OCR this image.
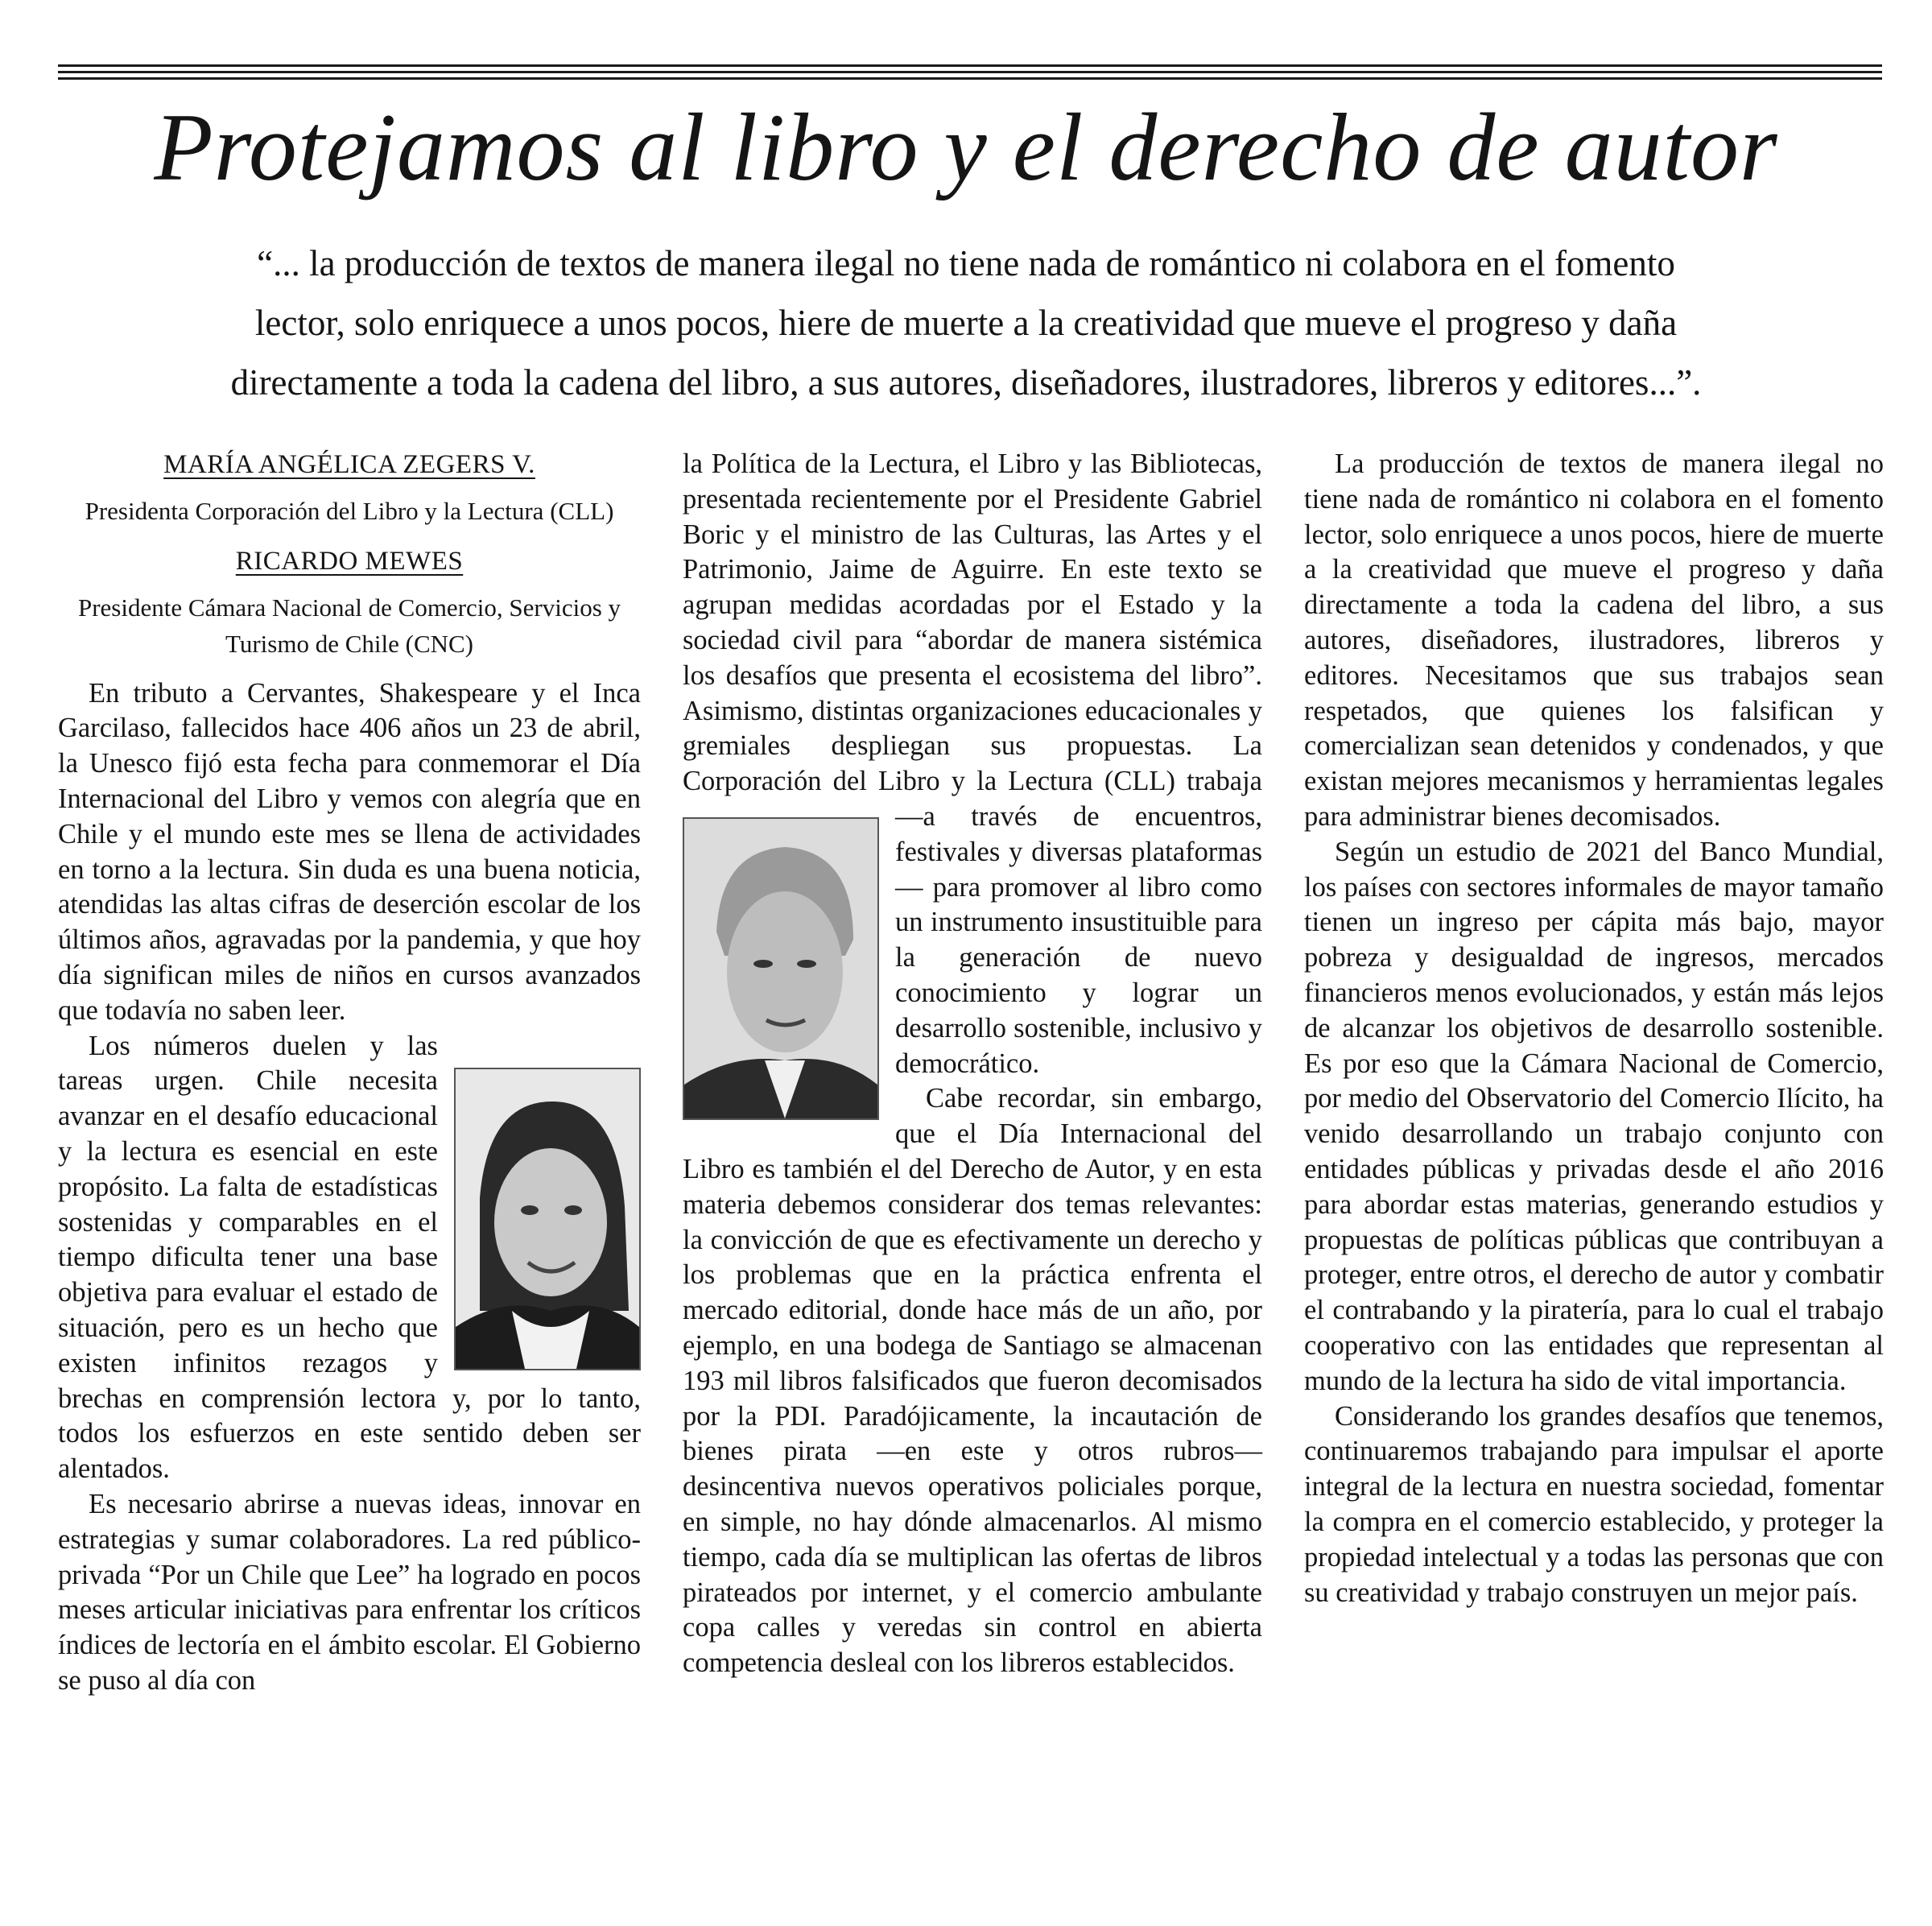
Protejamos al libro y el derecho de autor

“... la producción de textos de manera ilegal no tiene nada de romántico ni colabora en el fomento

lector, solo enriquece a unos pocos, hiere de muerte a la creatividad que mueve el progreso y daña

directamente a toda la cadena del libro, a sus autores, diseñadores, ilustradores, libreros y editores...”.

MARÍA ANGÉLICA ZEGERS V.

Presidenta Corporación del Libro y la Lectura (CLL)

RICARDO MEWES

Presidente Cámara Nacional de Comercio, Servicios y Turismo de Chile (CNC)

En tributo a Cervantes, Shakespeare y el Inca Garcilaso, fallecidos hace 406 años un 23 de abril, la Unesco fijó esta fecha para conmemorar el Día Internacional del Libro y vemos con alegría que en Chile y el mundo este mes se llena de actividades en torno a la lectura. Sin duda es una buena noticia, atendidas las altas cifras de deserción escolar de los últimos años, agravadas por la pandemia, y que hoy día significan miles de niños en cursos avanzados que todavía no saben leer.

Los números duelen y las tareas urgen. Chile necesita avanzar en el desafío educacional y la lectura es esencial en este propósito. La falta de estadísticas sostenidas y comparables en el tiempo dificulta tener una base objetiva para evaluar el estado de situación, pero es un hecho que existen infinitos rezagos y brechas en comprensión lectora y, por lo tanto, todos los esfuerzos en este sentido deben ser alentados.

Es necesario abrirse a nuevas ideas, innovar en estrategias y sumar colaboradores. La red público-privada “Por un Chile que Lee” ha logrado en pocos meses articular iniciativas para enfrentar los críticos índices de lectoría en el ámbito escolar. El Gobierno se puso al día con

la Política de la Lectura, el Libro y las Bibliotecas, presentada recientemente por el Presidente Gabriel Boric y el ministro de las Culturas, las Artes y el Patrimonio, Jaime de Aguirre. En este texto se agrupan medidas acordadas por el Estado y la sociedad civil para “abordar de manera sistémica los desafíos que presenta el ecosistema del libro”. Asimismo, distintas organizaciones educacionales y gremiales despliegan sus propuestas. La Corporación del Libro y la Lectura (CLL) trabaja —a través de encuentros, festivales y diversas plataformas— para promover al libro como un instrumento insustituible para la generación de nuevo conocimiento y lograr un desarrollo sostenible, inclusivo y democrático.

Cabe recordar, sin embargo, que el Día Internacional del Libro es también el del Derecho de Autor, y en esta materia debemos considerar dos temas relevantes: la convicción de que es efectivamente un derecho y los problemas que en la práctica enfrenta el mercado editorial, donde hace más de un año, por ejemplo, en una bodega de Santiago se almacenan 193 mil libros falsificados que fueron decomisados por la PDI. Paradójicamente, la incautación de bienes pirata —en este y otros rubros— desincentiva nuevos operativos policiales porque, en simple, no hay dónde almacenarlos. Al mismo tiempo, cada día se multiplican las ofertas de libros pirateados por internet, y el comercio ambulante copa calles y veredas sin control en abierta competencia desleal con los libreros establecidos.

La producción de textos de manera ilegal no tiene nada de romántico ni colabora en el fomento lector, solo enriquece a unos pocos, hiere de muerte a la creatividad que mueve el progreso y daña directamente a toda la cadena del libro, a sus autores, diseñadores, ilustradores, libreros y editores. Necesitamos que sus trabajos sean respetados, que quienes los falsifican y comercializan sean detenidos y condenados, y que existan mejores mecanismos y herramientas legales para administrar bienes decomisados.

Según un estudio de 2021 del Banco Mundial, los países con sectores informales de mayor tamaño tienen un ingreso per cápita más bajo, mayor pobreza y desigualdad de ingresos, mercados financieros menos evolucionados, y están más lejos de alcanzar los objetivos de desarrollo sostenible. Es por eso que la Cámara Nacional de Comercio, por medio del Observatorio del Comercio Ilícito, ha venido desarrollando un trabajo conjunto con entidades públicas y privadas desde el año 2016 para abordar estas materias, generando estudios y propuestas de políticas públicas que contribuyan a proteger, entre otros, el derecho de autor y combatir el contrabando y la piratería, para lo cual el trabajo cooperativo con las entidades que representan al mundo de la lectura ha sido de vital importancia.

Considerando los grandes desafíos que tenemos, continuaremos trabajando para impulsar el aporte integral de la lectura en nuestra sociedad, fomentar la compra en el comercio establecido, y proteger la propiedad intelectual y a todas las personas que con su creatividad y trabajo construyen un mejor país.
